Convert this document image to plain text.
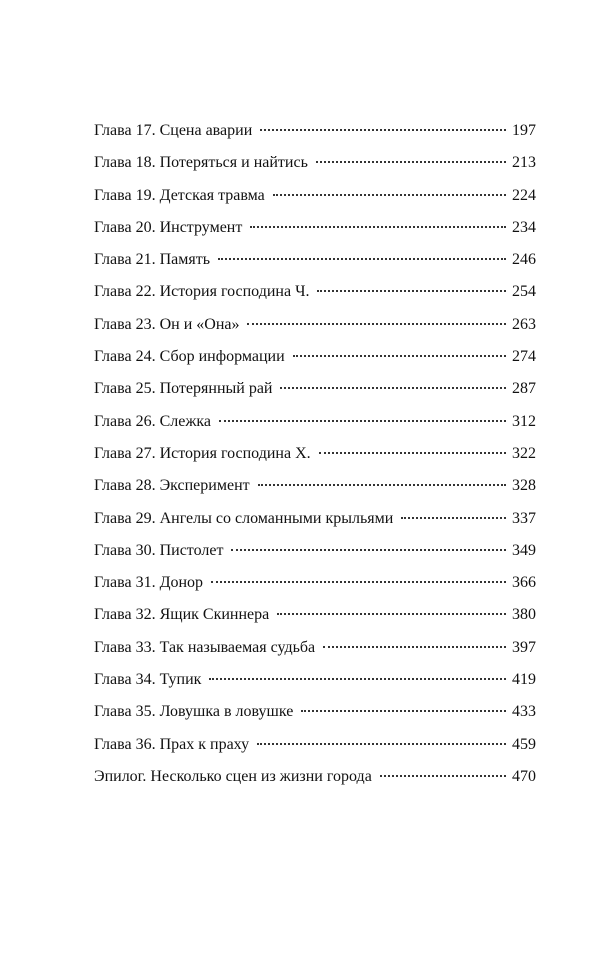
Глава 17. Сцена аварии	197
Глава 18. Потеряться и найтись	213
Глава 19. Детская травма	224
Глава 20. Инструмент	234
Глава 21. Память	246
Глава 22. История господина Ч.	254
Глава 23. Он и «Она»	263
Глава 24. Сбор информации	274
Глава 25. Потерянный рай	287
Глава 26. Слежка	312
Глава 27. История господина Х.	322
Глава 28. Эксперимент	328
Глава 29. Ангелы со сломанными крыльями	337
Глава 30. Пистолет	349
Глава 31. Донор	366
Глава 32. Ящик Скиннера	380
Глава 33. Так называемая судьба	397
Глава 34. Тупик	419
Глава 35. Ловушка в ловушке	433
Глава 36. Прах к праху	459
Эпилог. Несколько сцен из жизни города	470
